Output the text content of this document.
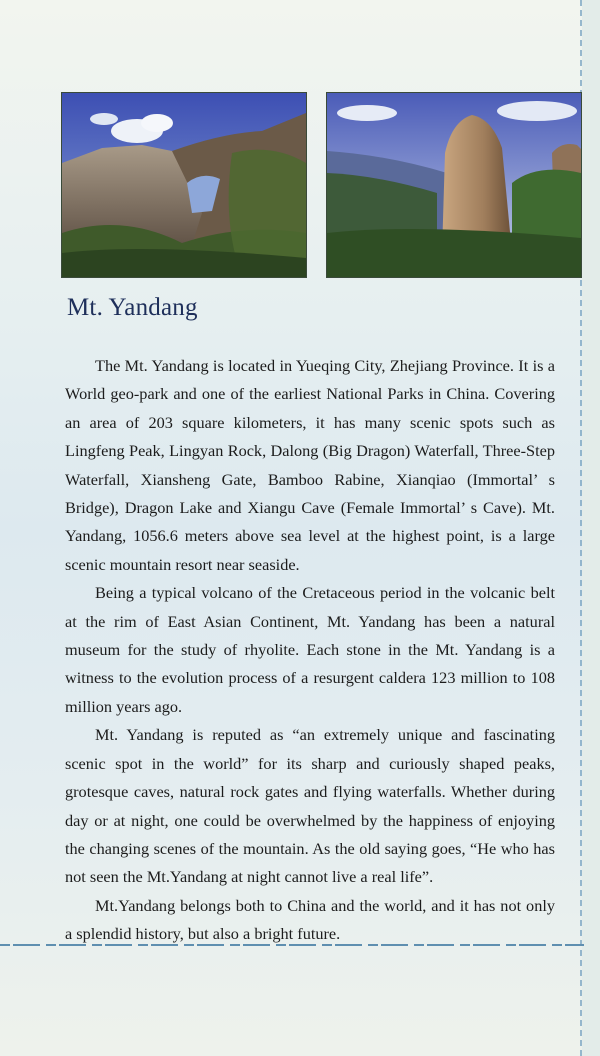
Mt. Yandang

The Mt. Yandang is located in Yueqing City, Zhejiang Province. It is a World geo-park and one of the earliest National Parks in China. Covering an area of 203 square kilometers, it has many scenic spots such as Lingfeng Peak, Lingyan Rock, Dalong (Big Dragon) Waterfall, Three-Step Waterfall, Xiansheng Gate, Bamboo Rabine, Xianqiao (Immortal’ s Bridge), Dragon Lake and Xiangu Cave (Female Immortal’ s Cave). Mt. Yandang, 1056.6 meters above sea level at the highest point, is a large scenic mountain resort near seaside.

Being a typical volcano of the Cretaceous period in the volcanic belt at the rim of East Asian Continent, Mt. Yandang has been a natural museum for the study of rhyolite. Each stone in the Mt. Yandang is a witness to the evolution process of a resurgent caldera 123 million to 108 million years ago.

Mt. Yandang is reputed as “an extremely unique and fascinating scenic spot in the world” for its sharp and curiously shaped peaks, grotesque caves, natural rock gates and flying waterfalls. Whether during day or at night, one could be overwhelmed by the happiness of enjoying the changing scenes of the mountain. As the old saying goes, “He who has not seen the Mt.Yandang at night cannot live a real life”.

Mt.Yandang belongs both to China and the world, and it has not only a splendid history, but also a bright future.
